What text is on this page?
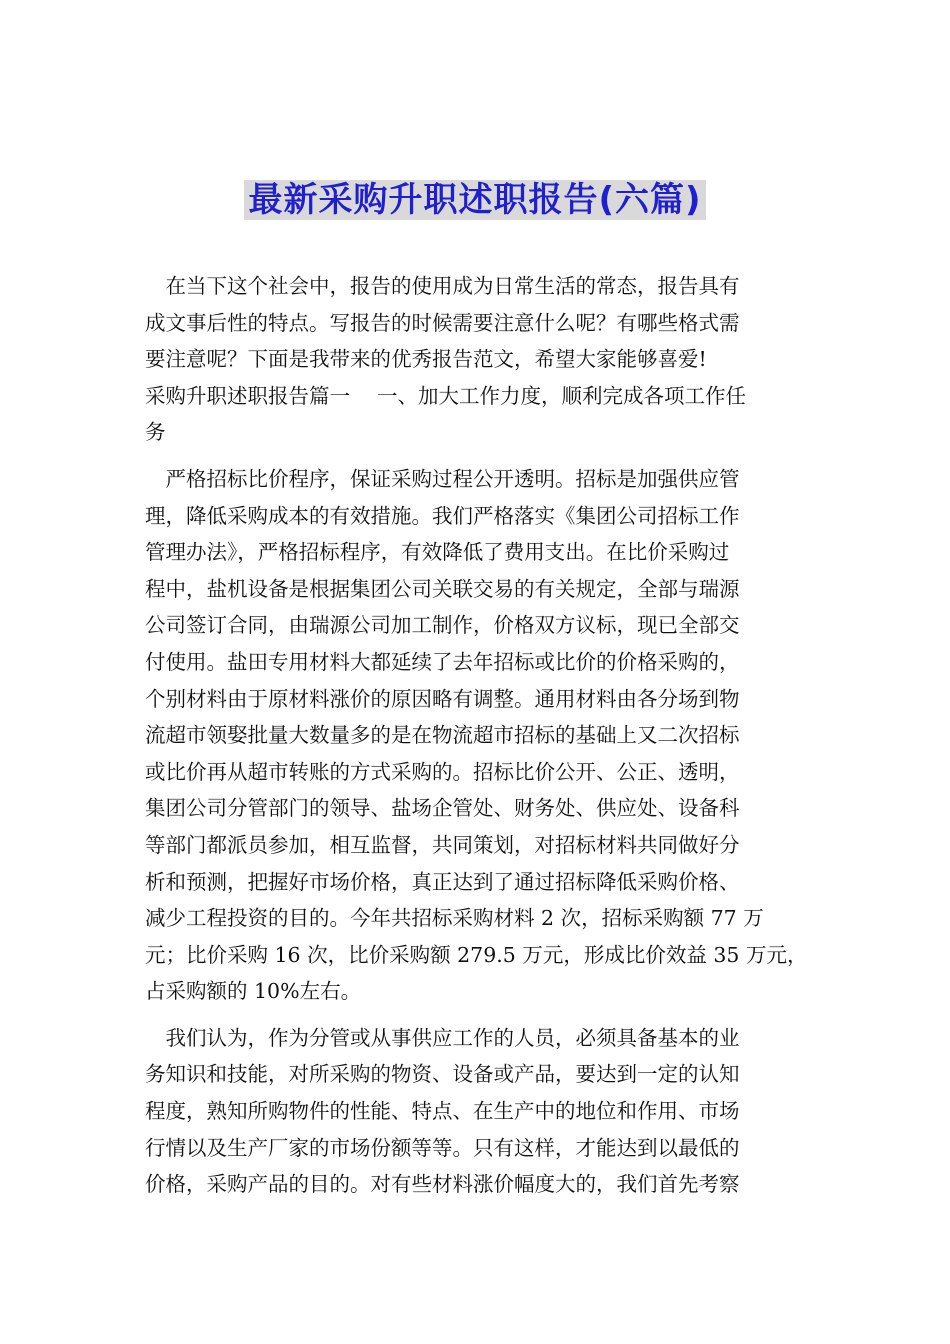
最新采购升职述职报告(六篇)
　在当下这个社会中，报告的使用成为日常生活的常态，报告具有
成文事后性的特点。写报告的时候需要注意什么呢？有哪些格式需
要注意呢？下面是我带来的优秀报告范文，希望大家能够喜爱!
采购升职述职报告篇一　 一、加大工作力度，顺利完成各项工作任
务
　严格招标比价程序，保证采购过程公开透明。招标是加强供应管
理，降低采购成本的有效措施。我们严格落实《集团公司招标工作
管理办法》，严格招标程序，有效降低了费用支出。在比价采购过
程中，盐机设备是根据集团公司关联交易的有关规定，全部与瑞源
公司签订合同，由瑞源公司加工制作，价格双方议标，现已全部交
付使用。盐田专用材料大都延续了去年招标或比价的价格采购的，
个别材料由于原材料涨价的原因略有调整。通用材料由各分场到物
流超市领娶批量大数量多的是在物流超市招标的基础上又二次招标
或比价再从超市转账的方式采购的。招标比价公开、公正、透明，
集团公司分管部门的领导、盐场企管处、财务处、供应处、设备科
等部门都派员参加，相互监督，共同策划，对招标材料共同做好分
析和预测，把握好市场价格，真正达到了通过招标降低采购价格、
减少工程投资的目的。今年共招标采购材料 2 次，招标采购额 77 万
元；比价采购 16 次，比价采购额 279.5 万元，形成比价效益 35 万元，
占采购额的 10%左右。
　我们认为，作为分管或从事供应工作的人员，必须具备基本的业
务知识和技能，对所采购的物资、设备或产品，要达到一定的认知
程度，熟知所购物件的性能、特点、在生产中的地位和作用、市场
行情以及生产厂家的市场份额等等。只有这样，才能达到以最低的
价格，采购产品的目的。对有些材料涨价幅度大的，我们首先考察
